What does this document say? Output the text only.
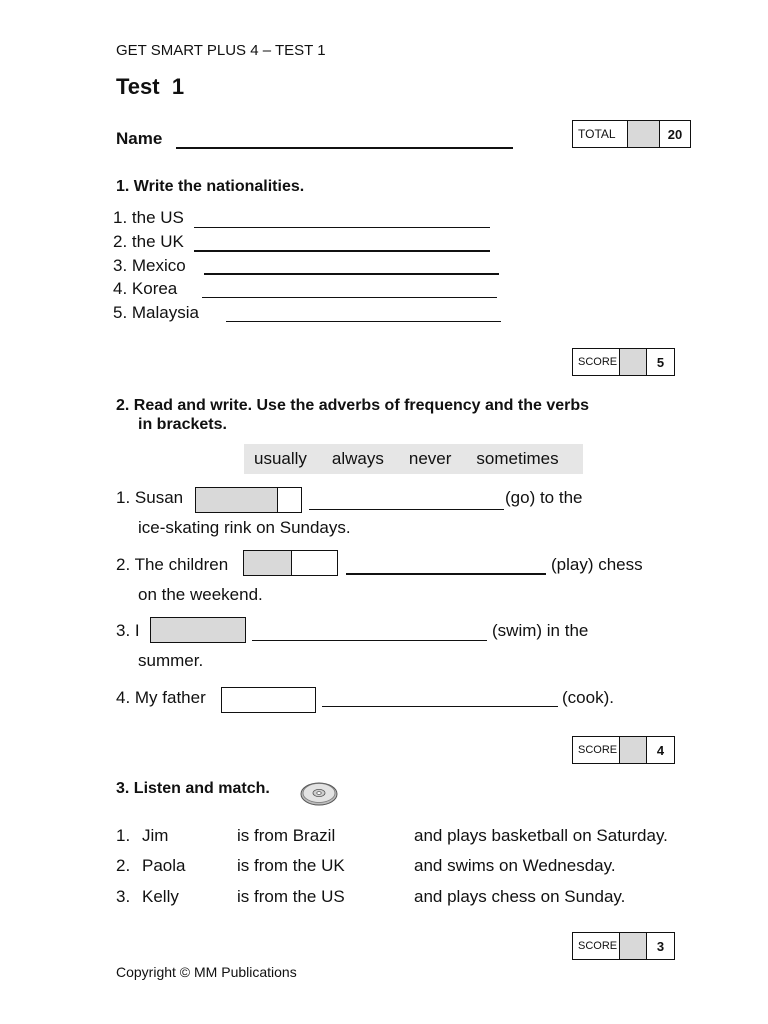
GET SMART PLUS 4 – TEST 1
Test  1
Name	TOTAL	20
1. Write the nationalities.
1. the US
2. the UK
3. Mexico
4. Korea
5. Malaysia
SCORE	5
2. Read and write. Use the adverbs of frequency and the verbs
in brackets.
usually always never sometimes
1. Susan	(go) to the
ice-skating rink on Sundays.
2. The children	(play) chess
on the weekend.
3. I	(swim) in the
summer.
4. My father	(cook).
SCORE	4
3. Listen and match.
1. Jim	is from Brazil	and plays basketball on Saturday.
2. Paola	is from the UK	and swims on Wednesday.
3. Kelly	is from the US	and plays chess on Sunday.
SCORE	3
Copyright © MM Publications
